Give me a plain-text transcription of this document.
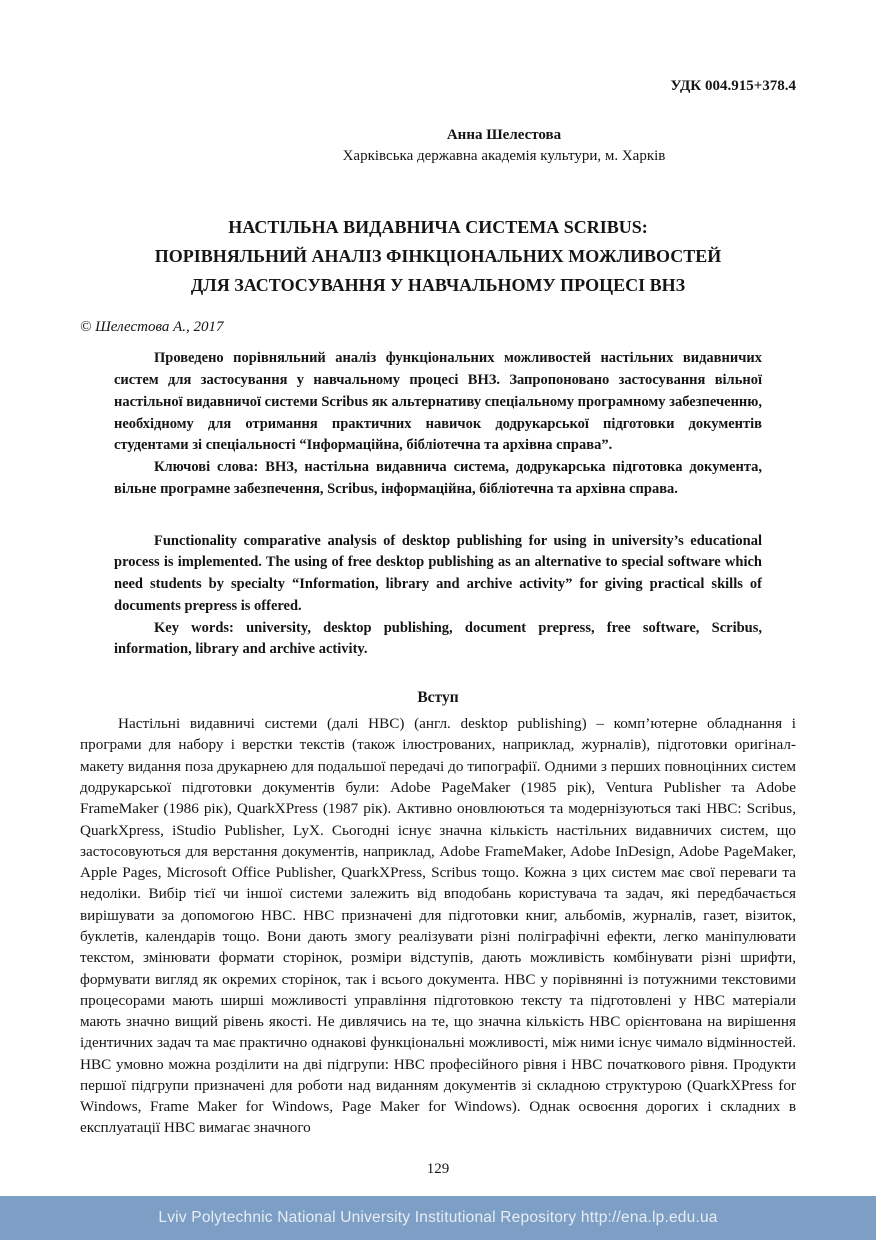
УДК 004.915+378.4
Анна Шелестова
Харківська державна академія культури, м. Харків
НАСТІЛЬНА ВИДАВНИЧА СИСТЕМА SCRIBUS:
ПОРІВНЯЛЬНИЙ АНАЛІЗ ФІНКЦІОНАЛЬНИХ МОЖЛИВОСТЕЙ
ДЛЯ ЗАСТОСУВАННЯ У НАВЧАЛЬНОМУ ПРОЦЕСІ ВНЗ
© Шелестова А., 2017

Проведено порівняльний аналіз функціональних можливостей настільних видавничих систем для застосування у навчальному процесі ВНЗ. Запропоновано застосування вільної настільної видавничої системи Scribus як альтернативу спеціальному програмному забезпеченню, необхідному для отримання практичних навичок додрукарської підготовки документів студентами зі спеціальності “Інформаційна, бібліотечна та архівна справа”.

Ключові слова: ВНЗ, настільна видавнича система, додрукарська підготовка документа, вільне програмне забезпечення, Scribus, інформаційна, бібліотечна та архівна справа.

Functionality comparative analysis of desktop publishing for using in university’s educational process is implemented. The using of free desktop publishing as an alternative to special software which need students by specialty “Information, library and archive activity” for giving practical skills of documents prepress is offered.

Key words: university, desktop publishing, document prepress, free software, Scribus, information, library and archive activity.

Вступ

Настільні видавничі системи (далі НВС) (англ. desktop publishing) – комп’ютерне обладнання і програми для набору і верстки текстів (також ілюстрованих, наприклад, журналів), підготовки оригінал-макету видання поза друкарнею для подальшої передачі до типографії. Одними з перших повноцінних систем додрукарської підготовки документів були: Adobe PageMaker (1985 рік), Ventura Publisher та Adobe FrameMaker (1986 рік), QuarkXPress (1987 рік). Активно оновлюються та модернізуються такі НВС: Scribus, QuarkXpress, iStudio Publisher, LyX. Сьогодні існує значна кількість настільних видавничих систем, що застосовуються для верстання документів, наприклад, Adobe FrameMaker, Adobe InDesign, Adobe PageMaker, Apple Pages, Microsoft Office Publisher, QuarkXPress, Scribus тощо. Кожна з цих систем має свої переваги та недоліки. Вибір тієї чи іншої системи залежить від вподобань користувача та задач, які передбачається вирішувати за допомогою НВС. НВС призначені для підготовки книг, альбомів, журналів, газет, візиток, буклетів, календарів тощо. Вони дають змогу реалізувати різні поліграфічні ефекти, легко маніпулювати текстом, змінювати формати сторінок, розміри відступів, дають можливість комбінувати різні шрифти, формувати вигляд як окремих сторінок, так і всього документа. НВС у порівнянні із потужними текстовими процесорами мають ширші можливості управління підготовкою тексту та підготовлені у НВС матеріали мають значно вищий рівень якості. Не дивлячись на те, що значна кількість НВС орієнтована на вирішення ідентичних задач та має практично однакові функціональні можливості, між ними існує чимало відмінностей. НВС умовно можна розділити на дві підгрупи: НВС професійного рівня і НВС початкового рівня. Продукти першої підгрупи призначені для роботи над виданням документів зі складною структурою (QuarkXPress for Windows, Frame Maker for Windows, Page Maker for Windows). Однак освоєння дорогих і складних в експлуатації НВС вимагає значного

129
Lviv Polytechnic National University Institutional Repository http://ena.lp.edu.ua
